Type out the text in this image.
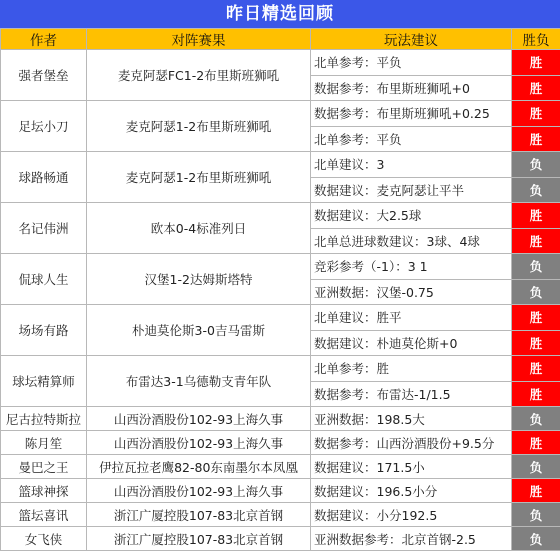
昨日精选回顾
作者	对阵赛果	玩法建议	胜负
强者堡垒	麦克阿瑟FC1-2布里斯班狮吼	北单参考：平负	胜
		数据参考：布里斯班狮吼+0	胜
足坛小刀	麦克阿瑟1-2布里斯班狮吼	数据参考：布里斯班狮吼+0.25	胜
		北单参考：平负	胜
球路畅通	麦克阿瑟1-2布里斯班狮吼	北单建议：3	负
		数据建议：麦克阿瑟让平半	负
名记伟洲	欧本0-4标准列日	数据建议：大2.5球	胜
		北单总进球数建议：3球、4球	胜
侃球人生	汉堡1-2达姆斯塔特	竞彩参考（-1）：3 1	负
		亚洲数据：汉堡-0.75	负
场场有路	朴迪莫伦斯3-0吉马雷斯	北单建议：胜平	胜
		数据建议：朴迪莫伦斯+0	胜
球坛精算师	布雷达3-1乌德勒支青年队	北单参考：胜	胜
		数据参考：布雷达-1/1.5	胜
尼古拉特斯拉	山西汾酒股份102-93上海久事	亚洲数据：198.5大	负
陈月笙	山西汾酒股份102-93上海久事	数据参考：山西汾酒股份+9.5分	胜
曼巴之王	伊拉瓦拉老鹰82-80东南墨尔本凤凰	数据建议：171.5小	负
篮球神探	山西汾酒股份102-93上海久事	数据建议：196.5小分	胜
篮坛喜讯	浙江广厦控股107-83北京首钢	数据建议：小分192.5	负
女飞侠	浙江广厦控股107-83北京首钢	亚洲数据参考：北京首钢-2.5	负
